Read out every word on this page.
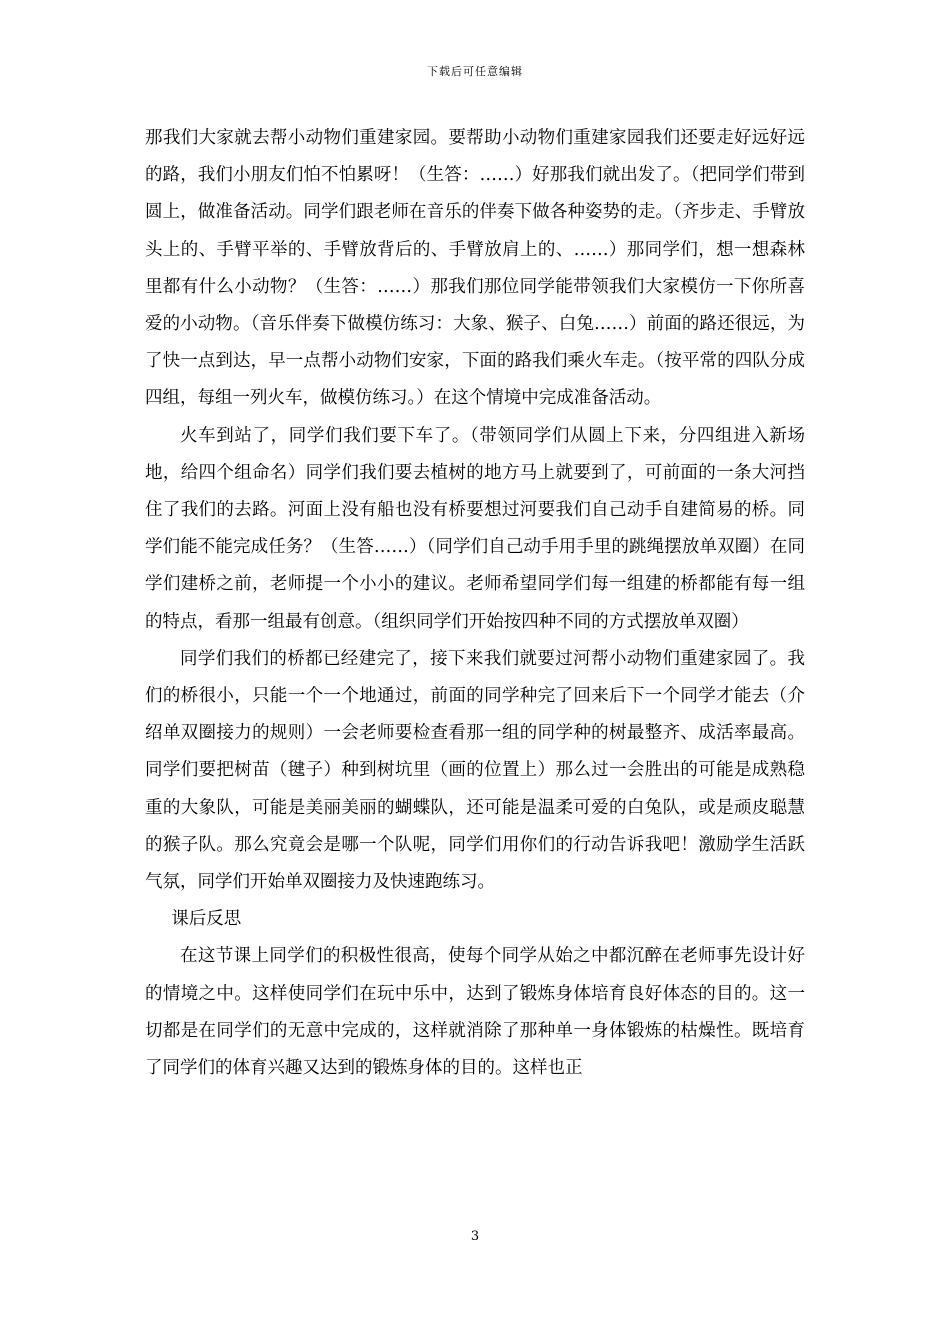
下载后可任意编辑

那我们大家就去帮小动物们重建家园。要帮助小动物们重建家园我们还要走好远好远的路，我们小朋友们怕不怕累呀！（生答：……）好那我们就出发了。（把同学们带到圆上，做准备活动。同学们跟老师在音乐的伴奏下做各种姿势的走。（齐步走、手臂放头上的、手臂平举的、手臂放背后的、手臂放肩上的、……）那同学们，想一想森林里都有什么小动物？（生答：……）那我们那位同学能带领我们大家模仿一下你所喜爱的小动物。（音乐伴奏下做模仿练习：大象、猴子、白兔……）前面的路还很远，为了快一点到达，早一点帮小动物们安家，下面的路我们乘火车走。（按平常的四队分成四组，每组一列火车，做模仿练习。）在这个情境中完成准备活动。

火车到站了，同学们我们要下车了。（带领同学们从圆上下来，分四组进入新场地，给四个组命名）同学们我们要去植树的地方马上就要到了，可前面的一条大河挡住了我们的去路。河面上没有船也没有桥要想过河要我们自己动手自建简易的桥。同学们能不能完成任务？（生答……）（同学们自己动手用手里的跳绳摆放单双圈）在同学们建桥之前，老师提一个小小的建议。老师希望同学们每一组建的桥都能有每一组的特点，看那一组最有创意。（组织同学们开始按四种不同的方式摆放单双圈）

同学们我们的桥都已经建完了，接下来我们就要过河帮小动物们重建家园了。我们的桥很小，只能一个一个地通过，前面的同学种完了回来后下一个同学才能去（介绍单双圈接力的规则）一会老师要检查看那一组的同学种的树最整齐、成活率最高。同学们要把树苗（毽子）种到树坑里（画的位置上）那么过一会胜出的可能是成熟稳重的大象队，可能是美丽美丽的蝴蝶队，还可能是温柔可爱的白兔队，或是顽皮聪慧的猴子队。那么究竟会是哪一个队呢，同学们用你们的行动告诉我吧！激励学生活跃气氛，同学们开始单双圈接力及快速跑练习。

课后反思

在这节课上同学们的积极性很高，使每个同学从始之中都沉醉在老师事先设计好的情境之中。这样使同学们在玩中乐中，达到了锻炼身体培育良好体态的目的。这一切都是在同学们的无意中完成的，这样就消除了那种单一身体锻炼的枯燥性。既培育了同学们的体育兴趣又达到的锻炼身体的目的。这样也正

3
